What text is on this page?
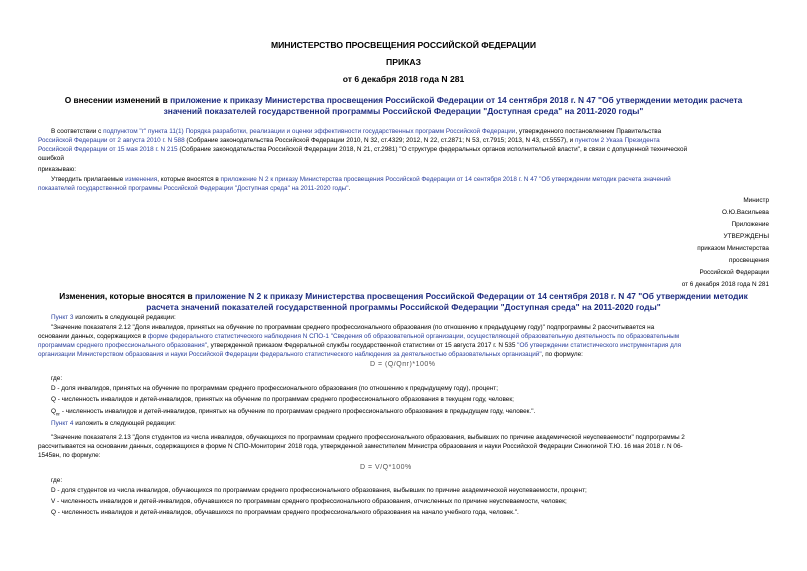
МИНИСТЕРСТВО ПРОСВЕЩЕНИЯ РОССИЙСКОЙ ФЕДЕРАЦИИ
ПРИКАЗ
от 6 декабря 2018 года N 281
О внесении изменений в приложение к приказу Министерства просвещения Российской Федерации от 14 сентября 2018 г. N 47 "Об утверждении методик расчета
значений показателей государственной программы Российской Федерации "Доступная среда" на 2011-2020 годы"
В соответствии с подпунктом "г" пункта 11(1) Порядка разработки, реализации и оценки эффективности государственных программ Российской Федерации, утвержденного постановлением Правительства
Российской Федерации от 2 августа 2010 г. N 588 (Собрание законодательства Российской Федерации 2010, N 32, ст.4329; 2012, N 22, ст.2871; N 53, ст.7915; 2013, N 43, ст.5557), и пунктом 2 Указа Президента
Российской Федерации от 15 мая 2018 г. N 215 (Собрание законодательства Российской Федерации 2018, N 21, ст.2981) "О структуре федеральных органов исполнительной власти", в связи с допущенной технической
ошибкой
приказываю:
Утвердить прилагаемые изменения, которые вносятся в приложение N 2 к приказу Министерства просвещения Российской Федерации от 14 сентября 2018 г. N 47 "Об утверждении методик расчета значений
показателей государственной программы Российской Федерации "Доступная среда" на 2011-2020 годы".
Министр
О.Ю.Васильева
Приложение
УТВЕРЖДЕНЫ
приказом Министерства
просвещения
Российской Федерации
от 6 декабря 2018 года N 281
Изменения, которые вносятся в приложение N 2 к приказу Министерства просвещения Российской Федерации от 14 сентября 2018 г. N 47 "Об утверждении методик
расчета значений показателей государственной программы Российской Федерации "Доступная среда" на 2011-2020 годы"
Пункт 3 изложить в следующей редакции:
"Значение показателя 2.12 "Доля инвалидов, принятых на обучение по программам среднего профессионального образования (по отношению к предыдущему году)" подпрограммы 2 рассчитывается на
основании данных, содержащихся в форме федерального статистического наблюдения N СПО-1 "Сведения об образовательной организации, осуществляющей образовательную деятельность по образовательным
программам среднего профессионального образования", утвержденной приказом Федеральной службы государственной статистики от 15 августа 2017 г. N 535 "Об утверждении статистического инструментария для
организации Министерством образования и науки Российской Федерации федерального статистического наблюдения за деятельностью образовательных организаций", по формуле:
D = (Q/Qпг)*100%
где:
D - доля инвалидов, принятых на обучение по программам среднего профессионального образования (по отношению к предыдущему году), процент;
Q - численность инвалидов и детей-инвалидов, принятых на обучение по программам среднего профессионального образования в текущем году, человек;
$Q_{пг}$ - численность инвалидов и детей-инвалидов, принятых на обучение по программам среднего профессионального образования в предыдущем году, человек.".
Пункт 4 изложить в следующей редакции:
"Значение показателя 2.13 "Доля студентов из числа инвалидов, обучающихся по программам среднего профессионального образования, выбывших по причине академической неуспеваемости" подпрограммы 2
рассчитывается на основании данных, содержащихся в форме N СПО-Мониторинг 2018 года, утвержденной заместителем Министра образования и науки Российской Федерации Синюгиной Т.Ю. 16 мая 2018 г. N 06-
1545вн, по формуле:
D = V/Q*100%
где:
D - доля студентов из числа инвалидов, обучающихся по программам среднего профессионального образования, выбывших по причине академической неуспеваемости, процент;
V - численность инвалидов и детей-инвалидов, обучавшихся по программам среднего профессионального образования, отчисленных по причине неуспеваемости, человек;
Q - численность инвалидов и детей-инвалидов, обучавшихся по программам среднего профессионального образования на начало учебного года, человек.".
